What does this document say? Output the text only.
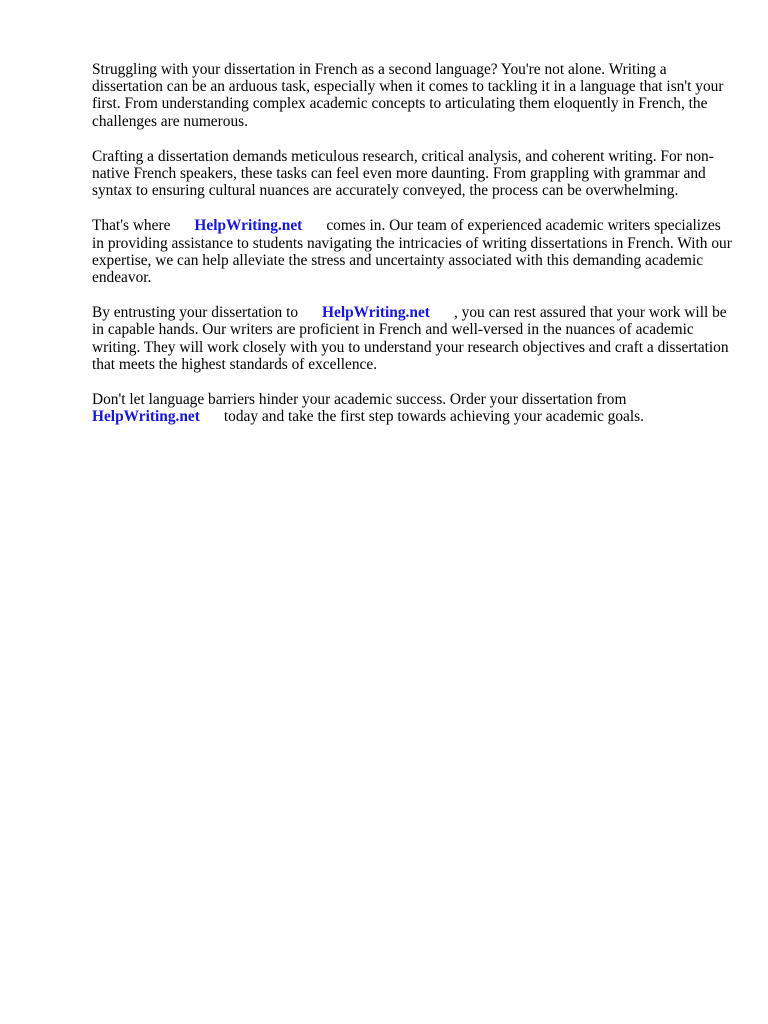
Struggling with your dissertation in French as a second language? You're not alone. Writing a dissertation can be an arduous task, especially when it comes to tackling it in a language that isn't your first. From understanding complex academic concepts to articulating them eloquently in French, the challenges are numerous.

Crafting a dissertation demands meticulous research, critical analysis, and coherent writing. For non-native French speakers, these tasks can feel even more daunting. From grappling with grammar and syntax to ensuring cultural nuances are accurately conveyed, the process can be overwhelming.

That's where HelpWriting.net comes in. Our team of experienced academic writers specializes in providing assistance to students navigating the intricacies of writing dissertations in French. With our expertise, we can help alleviate the stress and uncertainty associated with this demanding academic endeavor.

By entrusting your dissertation to HelpWriting.net , you can rest assured that your work will be in capable hands. Our writers are proficient in French and well-versed in the nuances of academic writing. They will work closely with you to understand your research objectives and craft a dissertation that meets the highest standards of excellence.

Don't let language barriers hinder your academic success. Order your dissertation from
HelpWriting.net today and take the first step towards achieving your academic goals.
